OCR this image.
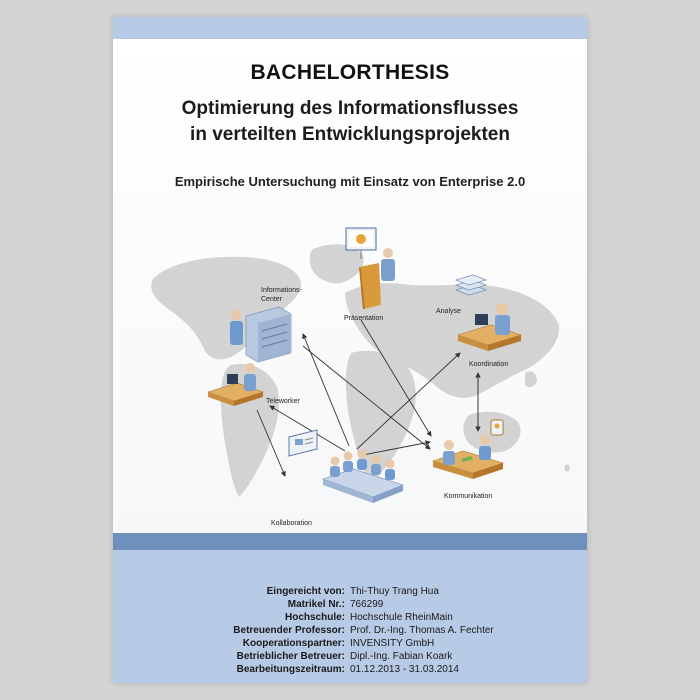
BACHELORTHESIS
Optimierung des Informationsflusses
in verteilten Entwicklungsprojekten
Empirische Untersuchung mit Einsatz von Enterprise 2.0
Präsentation
Informations-
Center
Analyse
Koordination
Teleworker
Kommunikation
Kollaboration
Eingereicht von: Thi-Thuy Trang Hua
Matrikel Nr.: 766299
Hochschule: Hochschule RheinMain
Betreuender Professor: Prof. Dr.-Ing. Thomas A. Fechter
Kooperationspartner: INVENSITY GmbH
Betrieblicher Betreuer: Dipl.-Ing. Fabian Koark
Bearbeitungszeitraum: 01.12.2013 - 31.03.2014
